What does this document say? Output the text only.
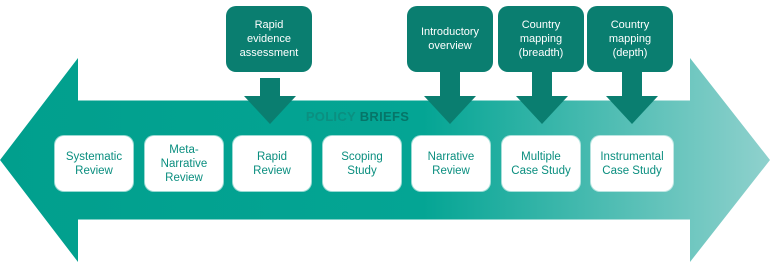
POLICY BRIEFS
Systematic
Review
Meta-
Narrative
Review
Rapid
Review
Scoping
Study
Narrative
Review
Multiple
Case Study
Instrumental
Case Study
Rapid
evidence
assessment
Introductory
overview
Country
mapping
(breadth)
Country
mapping
(depth)
